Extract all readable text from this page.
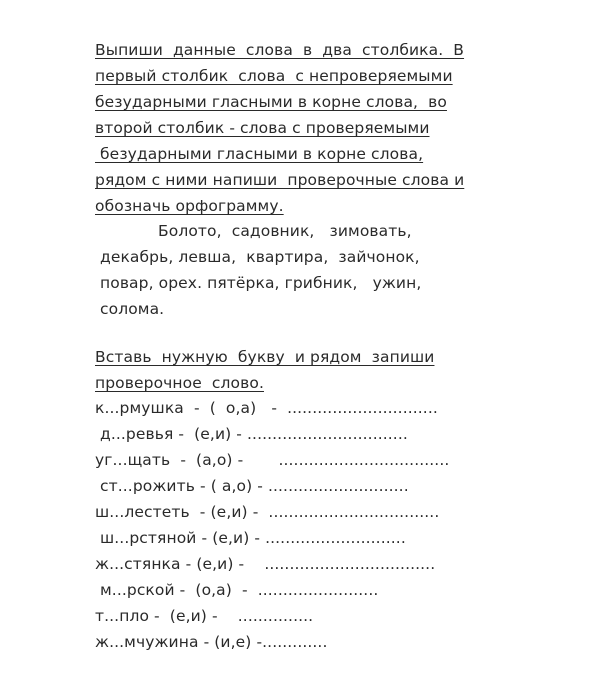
Выпиши  данные  слова  в  два  столбика.  В
первый столбик  слова  с непроверяемыми
безударными гласными в корне слова,  во
второй столбик - слова с проверяемыми
безударными гласными в корне слова,
рядом с ними напиши  проверочные слова и
обозначь орфограмму.
Болото,  садовник,   зимовать,
декабрь, левша,  квартира,  зайчонок,
повар, орех. пятёрка, грибник,   ужин,
солома.
Вставь  нужную  букву  и рядом  запиши
проверочное  слово.
к...рмушка  -  (  о,а)   -  ..............................
д...ревья -  (е,и) - ................................
уг...щать  -  (а,о) -       ..................................
ст...рожить - ( а,о) - ............................
ш...лестеть  - (е,и) -  ..................................
ш...рстяной - (е,и) - ............................
ж...стянка - (е,и) -    ..................................
м...рской -  (о,а)  -  ........................
т...пло -  (е,и) -    ...............
ж...мчужина - (и,е) -.............
